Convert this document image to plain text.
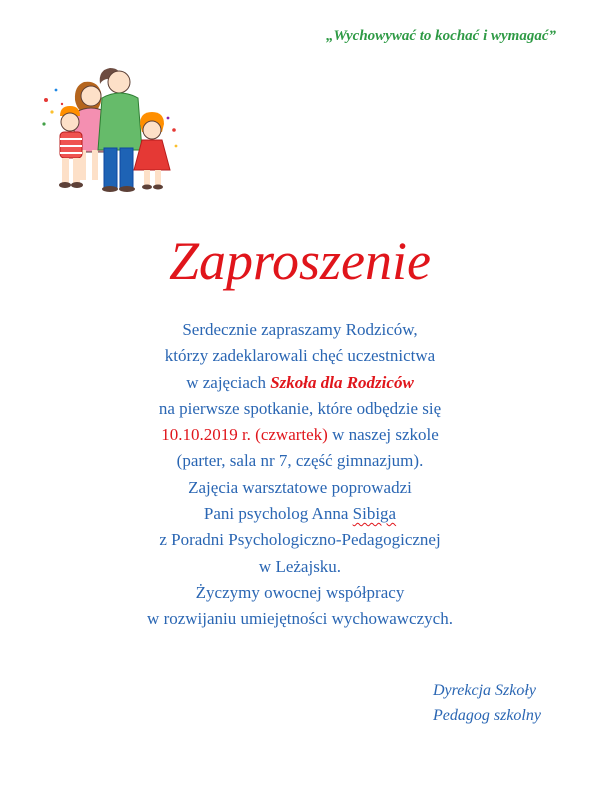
„Wychowywać to kochać i wymagać”
Zaproszenie
Serdecznie zapraszamy Rodziców,
którzy zadeklarowali chęć uczestnictwa
w zajęciach Szkoła dla Rodziców
na pierwsze spotkanie, które odbędzie się
10.10.2019 r. (czwartek) w naszej szkole
(parter, sala nr 7, część gimnazjum).
Zajęcia warsztatowe poprowadzi
Pani psycholog Anna Sibiga
z Poradni Psychologiczno-Pedagogicznej
w Leżajsku.
Życzymy owocnej współpracy
w rozwijaniu umiejętności wychowawczych.
Dyrekcja Szkoły
Pedagog szkolny
